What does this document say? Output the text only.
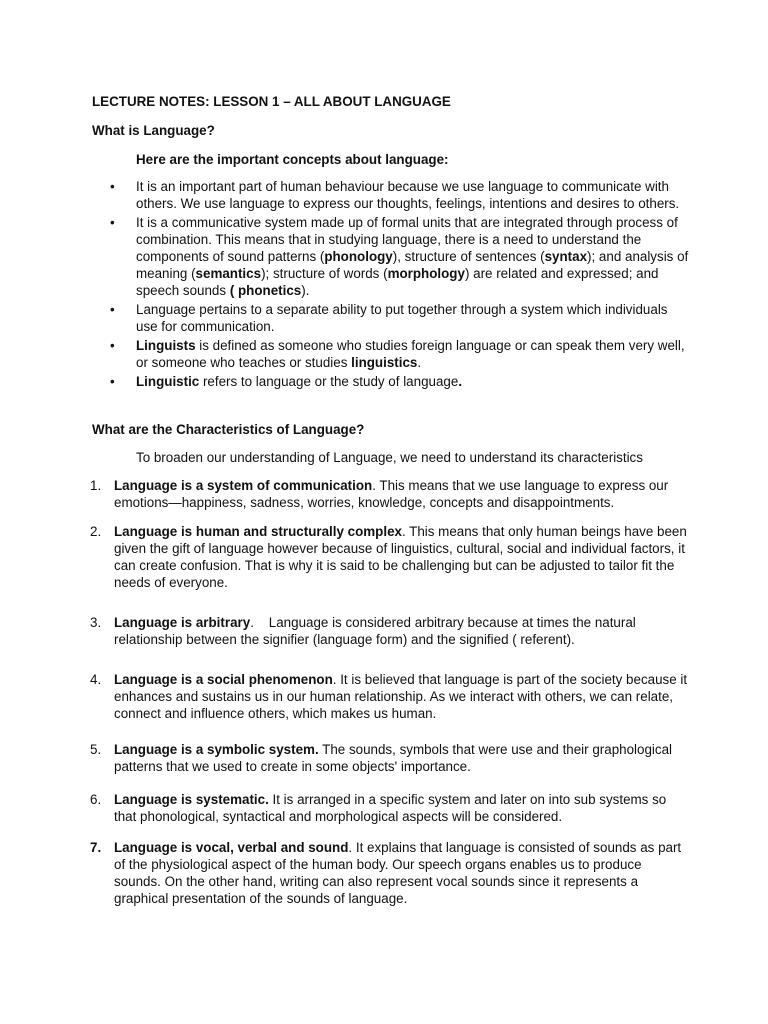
LECTURE NOTES: LESSON 1 – ALL ABOUT LANGUAGE
What is Language?
Here are the important concepts about language:
•	It is an important part of human behaviour because we use language to communicate with others. We use language to express our thoughts, feelings, intentions and desires to others.
•	It is a communicative system made up of formal units that are integrated through process of combination. This means that in studying language, there is a need to understand the components of sound patterns (phonology), structure of sentences (syntax); and analysis of meaning (semantics); structure of words (morphology) are related and expressed; and speech sounds ( phonetics).
•	Language pertains to a separate ability to put together through a system which individuals use for communication.
•	Linguists is defined as someone who studies foreign language or can speak them very well, or someone who teaches or studies linguistics.
•	Linguistic refers to language or the study of language.
What are the Characteristics of Language?
To broaden our understanding of Language, we need to understand its characteristics
1. Language is a system of communication. This means that we use language to express our emotions—happiness, sadness, worries, knowledge, concepts and disappointments.
2. Language is human and structurally complex. This means that only human beings have been given the gift of language however because of linguistics, cultural, social and individual factors, it can create confusion. That is why it is said to be challenging but can be adjusted to tailor fit the needs of everyone.
3. Language is arbitrary.    Language is considered arbitrary because at times the natural relationship between the signifier (language form) and the signified ( referent).
4. Language is a social phenomenon. It is believed that language is part of the society because it enhances and sustains us in our human relationship. As we interact with others, we can relate, connect and influence others, which makes us human.
5. Language is a symbolic system. The sounds, symbols that were use and their graphological patterns that we used to create in some objects' importance.
6. Language is systematic. It is arranged in a specific system and later on into sub systems so that phonological, syntactical and morphological aspects will be considered.
7. Language is vocal, verbal and sound. It explains that language is consisted of sounds as part of the physiological aspect of the human body. Our speech organs enables us to produce sounds. On the other hand, writing can also represent vocal sounds since it represents a graphical presentation of the sounds of language.
